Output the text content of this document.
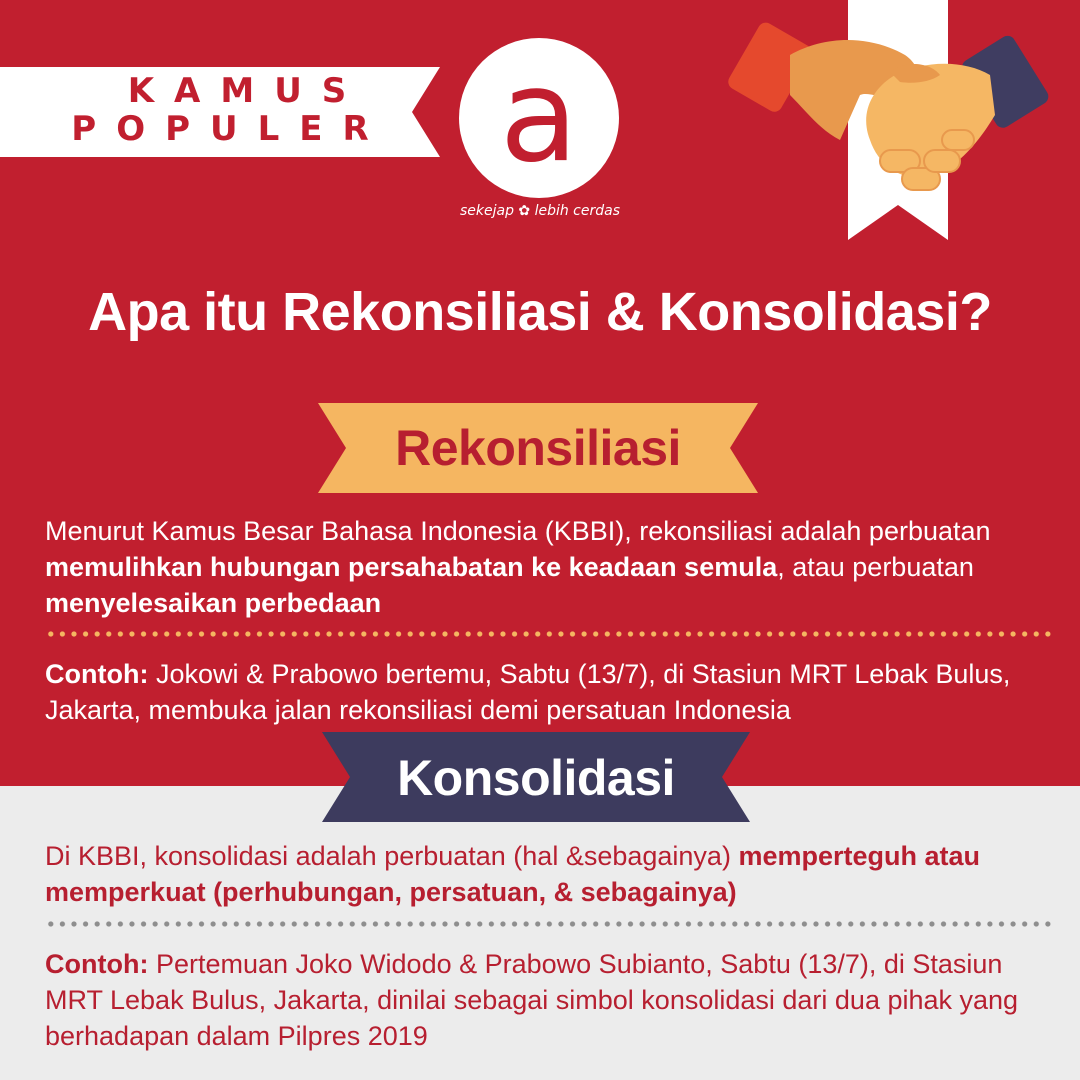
KAMUS
POPULER a
sekejap ✿ lebih cerdas
Apa itu Rekonsiliasi & Konsolidasi?
Rekonsiliasi
Menurut Kamus Besar Bahasa Indonesia (KBBI), rekonsiliasi adalah perbuatan memulihkan hubungan persahabatan ke keadaan semula, atau perbuatan menyelesaikan perbedaan
Contoh: Jokowi & Prabowo bertemu, Sabtu (13/7), di Stasiun MRT Lebak Bulus, Jakarta, membuka jalan rekonsiliasi demi persatuan Indonesia
Konsolidasi
Di KBBI, konsolidasi adalah perbuatan (hal &sebagainya) memperteguh atau memperkuat (perhubungan, persatuan, & sebagainya)
Contoh: Pertemuan Joko Widodo & Prabowo Subianto, Sabtu (13/7), di Stasiun MRT Lebak Bulus, Jakarta, dinilai sebagai simbol konsolidasi dari dua pihak yang berhadapan dalam Pilpres 2019
